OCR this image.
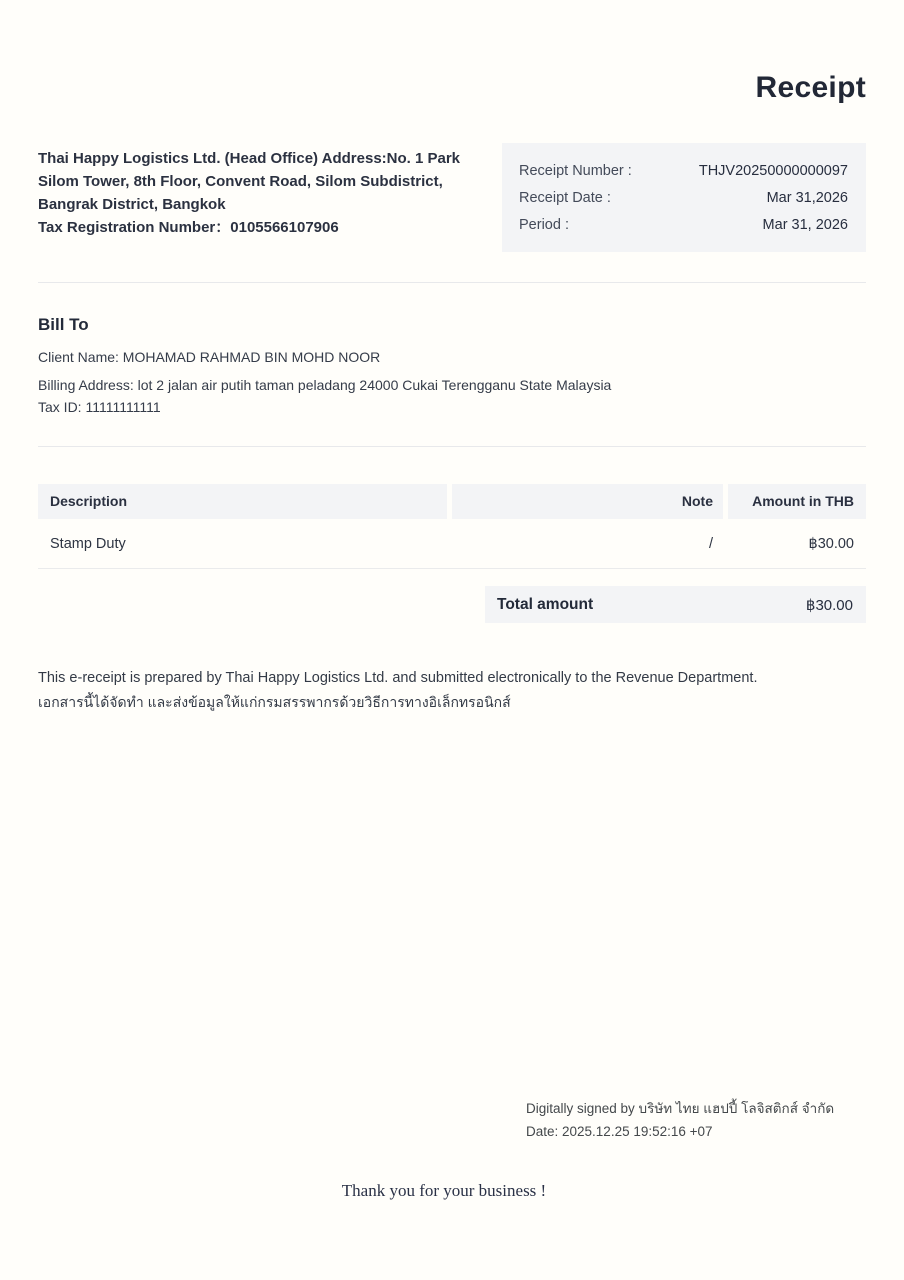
Receipt
Thai Happy Logistics Ltd. (Head Office) Address:No. 1 Park Silom Tower, 8th Floor, Convent Road, Silom Subdistrict, Bangrak District, Bangkok
Tax Registration Number：0105566107906
Receipt Number :	THJV20250000000097
Receipt Date :	Mar 31,2026
Period :	Mar 31, 2026
Bill To
Client Name: MOHAMAD RAHMAD BIN MOHD NOOR
Billing Address: lot 2 jalan air putih taman peladang 24000 Cukai Terengganu State Malaysia
Tax ID: 11111111111
Description	Note	Amount in THB
Stamp Duty	/	฿30.00
Total amount	฿30.00
This e-receipt is prepared by Thai Happy Logistics Ltd. and submitted electronically to the Revenue Department.
เอกสารนี้ได้จัดทำ และส่งข้อมูลให้แก่กรมสรรพากรด้วยวิธีการทางอิเล็กทรอนิกส์
Digitally signed by บริษัท ไทย แฮปปี้ โลจิสติกส์ จำกัด
Date: 2025.12.25 19:52:16 +07
Thank you for your business !
